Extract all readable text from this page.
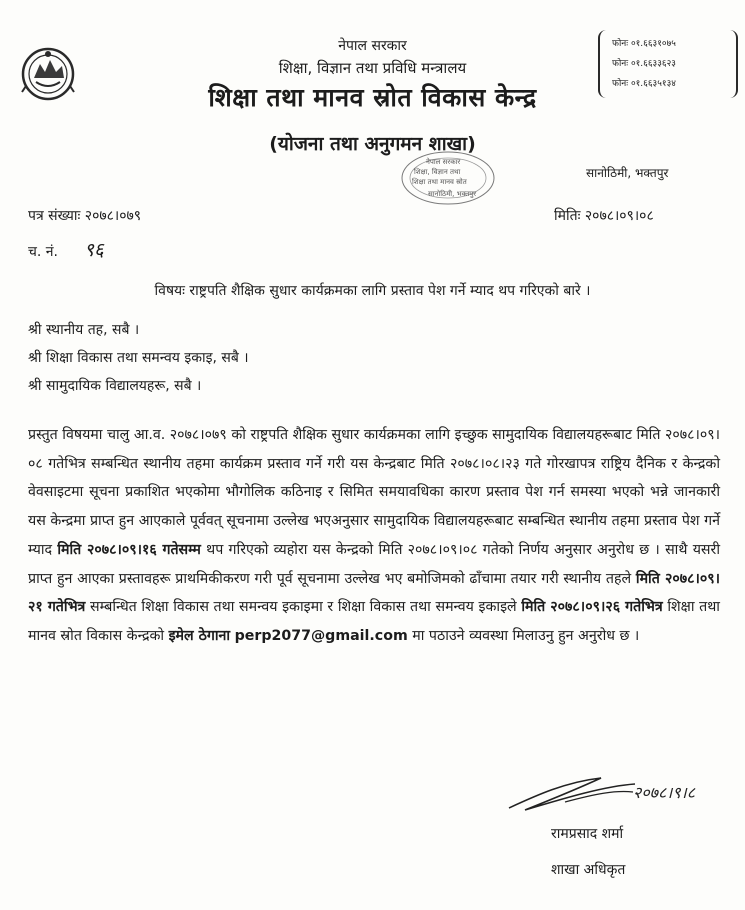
नेपाल सरकार
शिक्षा, विज्ञान तथा प्रविधि मन्त्रालय
शिक्षा तथा मानव स्रोत विकास केन्द्र
(योजना तथा अनुगमन शाखा)
फोनः ०१.६६३१०७५
फोनः ०१.६६३३६२३
फोनः ०१.६६३५१३४
सानोठिमी, भक्तपुर
नेपाल सरकार
शिक्षा, विज्ञान तथा
शिक्षा तथा मानव स्रोत
सानोठिमी, भक्तपुर
पत्र संख्याः २०७८।०७९	मितिः २०७८।०९।०८
च. नं. ९६
विषयः राष्ट्रपति शैक्षिक सुधार कार्यक्रमका लागि प्रस्ताव पेश गर्ने म्याद थप गरिएको बारे ।
श्री स्थानीय तह, सबै ।
श्री शिक्षा विकास तथा समन्वय इकाइ, सबै ।
श्री सामुदायिक विद्यालयहरू, सबै ।
प्रस्तुत विषयमा चालु आ.व. २०७८।०७९ को राष्ट्रपति शैक्षिक सुधार कार्यक्रमका लागि इच्छुक सामुदायिक विद्यालयहरूबाट मिति २०७८।०९।०८ गतेभित्र सम्बन्धित स्थानीय तहमा कार्यक्रम प्रस्ताव गर्ने गरी यस केन्द्रबाट मिति २०७८।०८।२३ गते गोरखापत्र राष्ट्रिय दैनिक र केन्द्रको वेवसाइटमा सूचना प्रकाशित भएकोमा भौगोलिक कठिनाइ र सिमित समयावधिका कारण प्रस्ताव पेश गर्न समस्या भएको भन्ने जानकारी यस केन्द्रमा प्राप्त हुन आएकाले पूर्ववत् सूचनामा उल्लेख भएअनुसार सामुदायिक विद्यालयहरूबाट सम्बन्धित स्थानीय तहमा प्रस्ताव पेश गर्ने म्याद मिति २०७८।०९।१६ गतेसम्म थप गरिएको व्यहोरा यस केन्द्रको मिति २०७८।०९।०८ गतेको निर्णय अनुसार अनुरोध छ । साथै यसरी प्राप्त हुन आएका प्रस्तावहरू प्राथमिकीकरण गरी पूर्व सूचनामा उल्लेख भए बमोजिमको ढाँचामा तयार गरी स्थानीय तहले मिति २०७८।०९।२१ गतेभित्र सम्बन्धित शिक्षा विकास तथा समन्वय इकाइमा र शिक्षा विकास तथा समन्वय इकाइले मिति २०७८।०९।२६ गतेभित्र शिक्षा तथा मानव स्रोत विकास केन्द्रको इमेल ठेगाना perp2077@gmail.com मा पठाउने व्यवस्था मिलाउनु हुन अनुरोध छ ।
२०७८।९।८
रामप्रसाद शर्मा
शाखा अधिकृत
